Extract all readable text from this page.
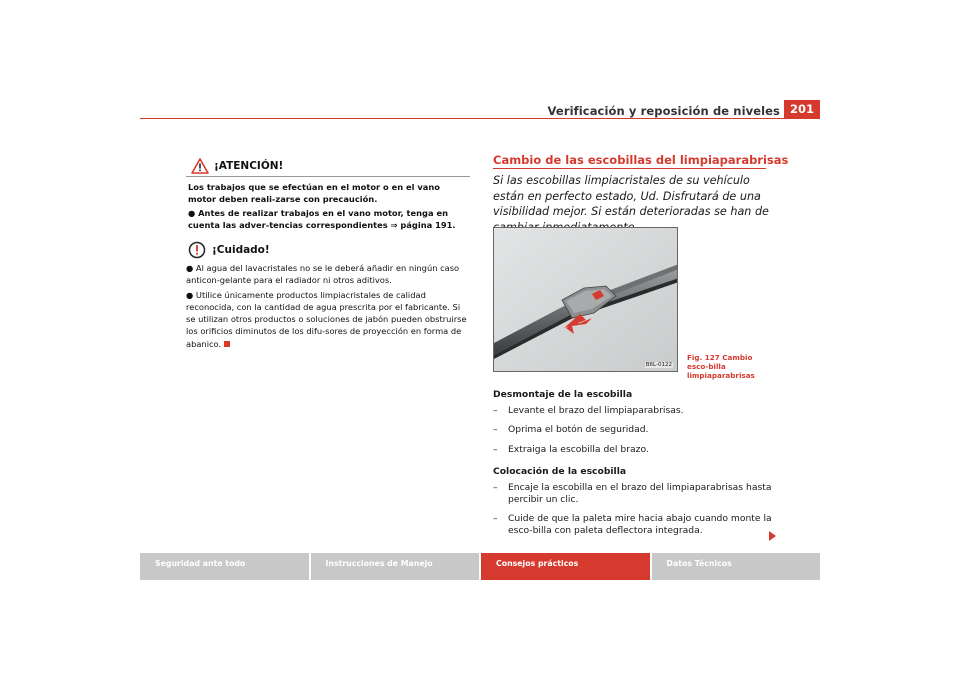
Verificación y reposición de niveles 201
¡ATENCIÓN!

Los trabajos que se efectúan en el motor o en el vano motor deben reali-zarse con precaución.

● Antes de realizar trabajos en el vano motor, tenga en cuenta las adver-tencias correspondientes ⇒ página 191.

¡Cuidado!

● Al agua del lavacristales no se le deberá añadir en ningún caso anticon-gelante para el radiador ni otros aditivos.

● Utilice únicamente productos limpiacristales de calidad reconocida, con la cantidad de agua prescrita por el fabricante. Si se utilizan otros productos o soluciones de jabón pueden obstruirse los orificios diminutos de los difu-sores de proyección en forma de abanico.

Cambio de las escobillas del limpiaparabrisas
Si las escobillas limpiacristales de su vehículo están en perfecto estado, Ud. Disfrutará de una visibilidad mejor. Si están deterioradas se han de
B6L-0122
Fig. 127 Cambio esco-billa limpiaparabrisas
Desmontaje de la escobilla
–	Levante el brazo del limpiaparabrisas.
–	Oprima el botón de seguridad.
–	Extraiga la escobilla del brazo.
Colocación de la escobilla
–	Encaje la escobilla en el brazo del limpiaparabrisas hasta percibir un clic.
–	Cuide de que la paleta mire hacia abajo cuando monte la esco-billa con paleta deflectora integrada.
Seguridad ante todo	Instrucciones de Manejo	Consejos prácticos	Datos Técnicos
